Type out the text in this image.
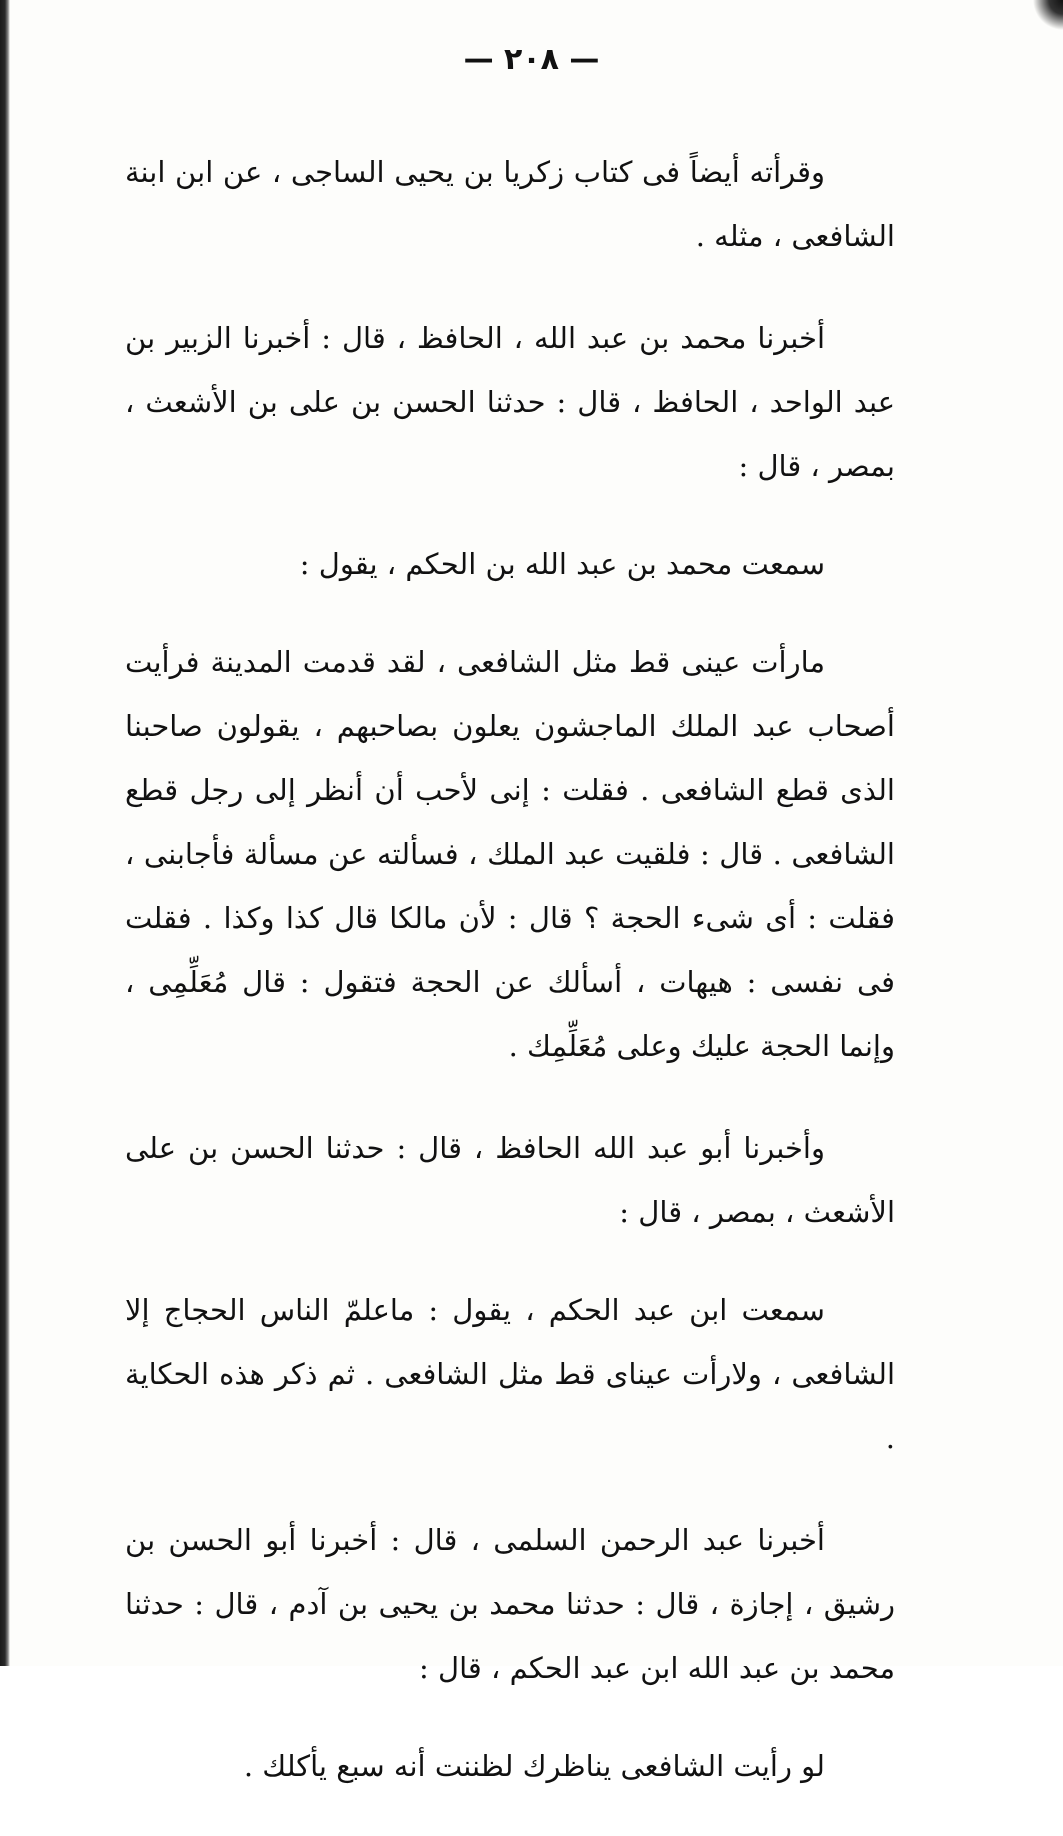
— ٢٠٨ —

وقرأته أيضاً فى كتاب زكريا بن يحيى الساجى ، عن ابن ابنة الشافعى ، مثله .

أخبرنا محمد بن عبد الله ، الحافظ ، قال : أخبرنا الزبير بن عبد الواحد ، الحافظ ، قال : حدثنا الحسن بن على بن الأشعث ، بمصر ، قال :

سمعت محمد بن عبد الله بن الحكم ، يقول :

مارأت عينى قط مثل الشافعى ، لقد قدمت المدينة فرأيت أصحاب عبد الملك الماجشون يعلون بصاحبهم ، يقولون صاحبنا الذى قطع الشافعى . فقلت : إنى لأحب أن أنظر إلى رجل قطع الشافعى . قال : فلقيت عبد الملك ، فسألته عن مسألة فأجابنى ، فقلت : أى شىء الحجة ؟ قال : لأن مالكا قال كذا وكذا . فقلت فى نفسى : هيهات ، أسألك عن الحجة فتقول : قال مُعَلِّمِى ، وإنما الحجة عليك وعلى مُعَلِّمِك .

وأخبرنا أبو عبد الله الحافظ ، قال : حدثنا الحسن بن على الأشعث ، بمصر ، قال :

سمعت ابن عبد الحكم ، يقول : ماعلمّ الناس الحجاج إلا الشافعى ، ولارأت عيناى قط مثل الشافعى . ثم ذكر هذه الحكاية .

أخبرنا عبد الرحمن السلمى ، قال : أخبرنا أبو الحسن بن رشيق ، إجازة ، قال : حدثنا محمد بن يحيى بن آدم ، قال : حدثنا محمد بن عبد الله ابن عبد الحكم ، قال :

لو رأيت الشافعى يناظرك لظننت أنه سبع يأكلك .
